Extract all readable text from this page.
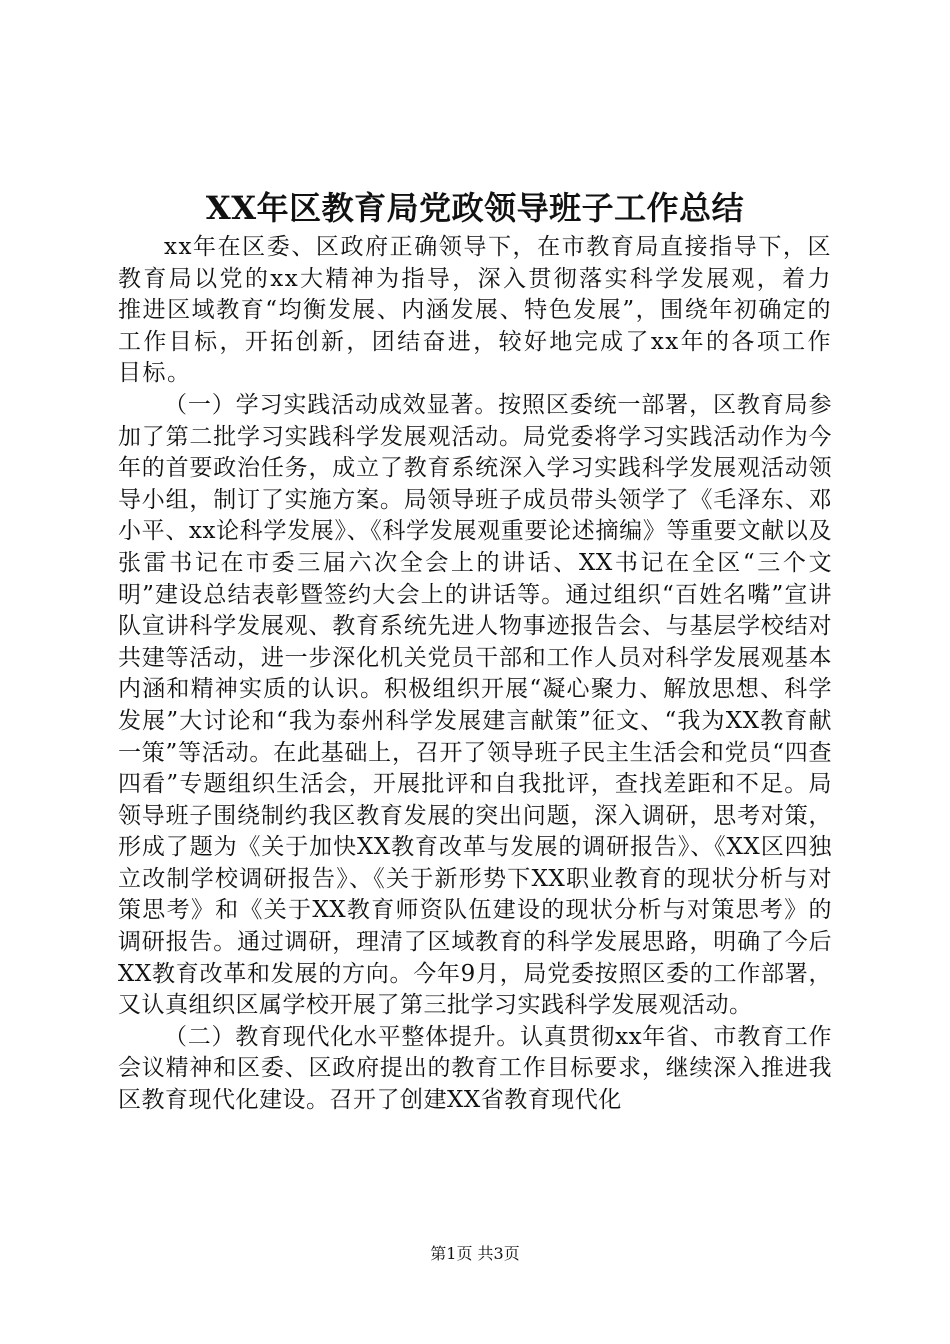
XX年区教育局党政领导班子工作总结

xx年在区委、区政府正确领导下，在市教育局直接指导下，区教育局以党的xx大精神为指导，深入贯彻落实科学发展观，着力推进区域教育“均衡发展、内涵发展、特色发展”，围绕年初确定的工作目标，开拓创新，团结奋进，较好地完成了xx年的各项工作目标。

（一）学习实践活动成效显著。按照区委统一部署，区教育局参加了第二批学习实践科学发展观活动。局党委将学习实践活动作为今年的首要政治任务，成立了教育系统深入学习实践科学发展观活动领导小组，制订了实施方案。局领导班子成员带头领学了《毛泽东、邓小平、xx论科学发展》、《科学发展观重要论述摘编》等重要文献以及张雷书记在市委三届六次全会上的讲话、XX书记在全区“三个文明”建设总结表彰暨签约大会上的讲话等。通过组织“百姓名嘴”宣讲队宣讲科学发展观、教育系统先进人物事迹报告会、与基层学校结对共建等活动，进一步深化机关党员干部和工作人员对科学发展观基本内涵和精神实质的认识。积极组织开展“凝心聚力、解放思想、科学发展”大讨论和“我为泰州科学发展建言献策”征文、“我为XX教育献一策”等活动。在此基础上，召开了领导班子民主生活会和党员“四查四看”专题组织生活会，开展批评和自我批评，查找差距和不足。局领导班子围绕制约我区教育发展的突出问题，深入调研，思考对策，形成了题为《关于加快XX教育改革与发展的调研报告》、《XX区四独立改制学校调研报告》、《关于新形势下XX职业教育的现状分析与对策思考》和《关于XX教育师资队伍建设的现状分析与对策思考》的调研报告。通过调研，理清了区域教育的科学发展思路，明确了今后XX教育改革和发展的方向。今年9月，局党委按照区委的工作部署，又认真组织区属学校开展了第三批学习实践科学发展观活动。

（二）教育现代化水平整体提升。认真贯彻xx年省、市教育工作会议精神和区委、区政府提出的教育工作目标要求，继续深入推进我区教育现代化建设。召开了创建XX省教育现代化

第1页 共3页
